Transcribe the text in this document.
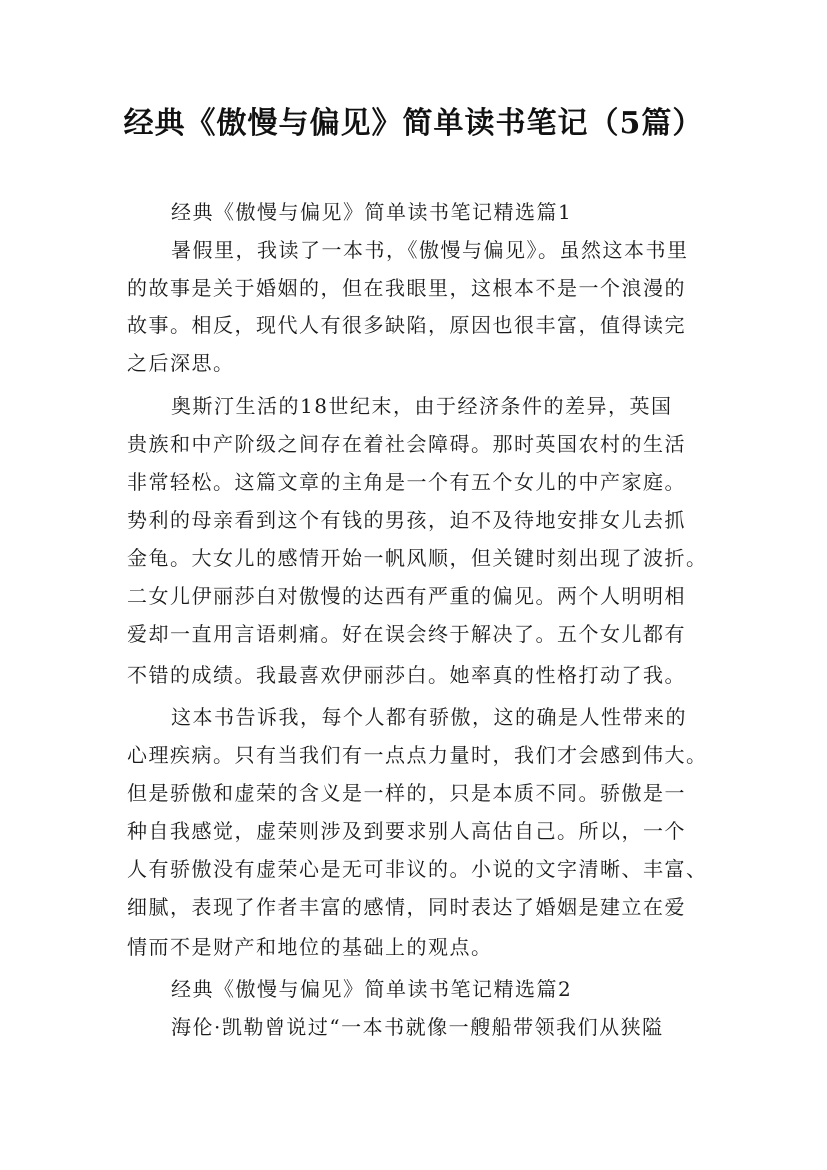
经典《傲慢与偏见》简单读书笔记（5篇）
经典《傲慢与偏见》简单读书笔记精选篇1
暑假里，我读了一本书，《傲慢与偏见》。虽然这本书里
的故事是关于婚姻的，但在我眼里，这根本不是一个浪漫的
故事。相反，现代人有很多缺陷，原因也很丰富，值得读完
之后深思。
奥斯汀生活的18世纪末，由于经济条件的差异，英国
贵族和中产阶级之间存在着社会障碍。那时英国农村的生活
非常轻松。这篇文章的主角是一个有五个女儿的中产家庭。
势利的母亲看到这个有钱的男孩，迫不及待地安排女儿去抓
金龟。大女儿的感情开始一帆风顺，但关键时刻出现了波折。
二女儿伊丽莎白对傲慢的达西有严重的偏见。两个人明明相
爱却一直用言语刺痛。好在误会终于解决了。五个女儿都有
不错的成绩。我最喜欢伊丽莎白。她率真的性格打动了我。
这本书告诉我，每个人都有骄傲，这的确是人性带来的
心理疾病。只有当我们有一点点力量时，我们才会感到伟大。
但是骄傲和虚荣的含义是一样的，只是本质不同。骄傲是一
种自我感觉，虚荣则涉及到要求别人高估自己。所以，一个
人有骄傲没有虚荣心是无可非议的。小说的文字清晰、丰富、
细腻，表现了作者丰富的感情，同时表达了婚姻是建立在爱
情而不是财产和地位的基础上的观点。
经典《傲慢与偏见》简单读书笔记精选篇2
海伦·凯勒曾说过“一本书就像一艘船带领我们从狭隘
